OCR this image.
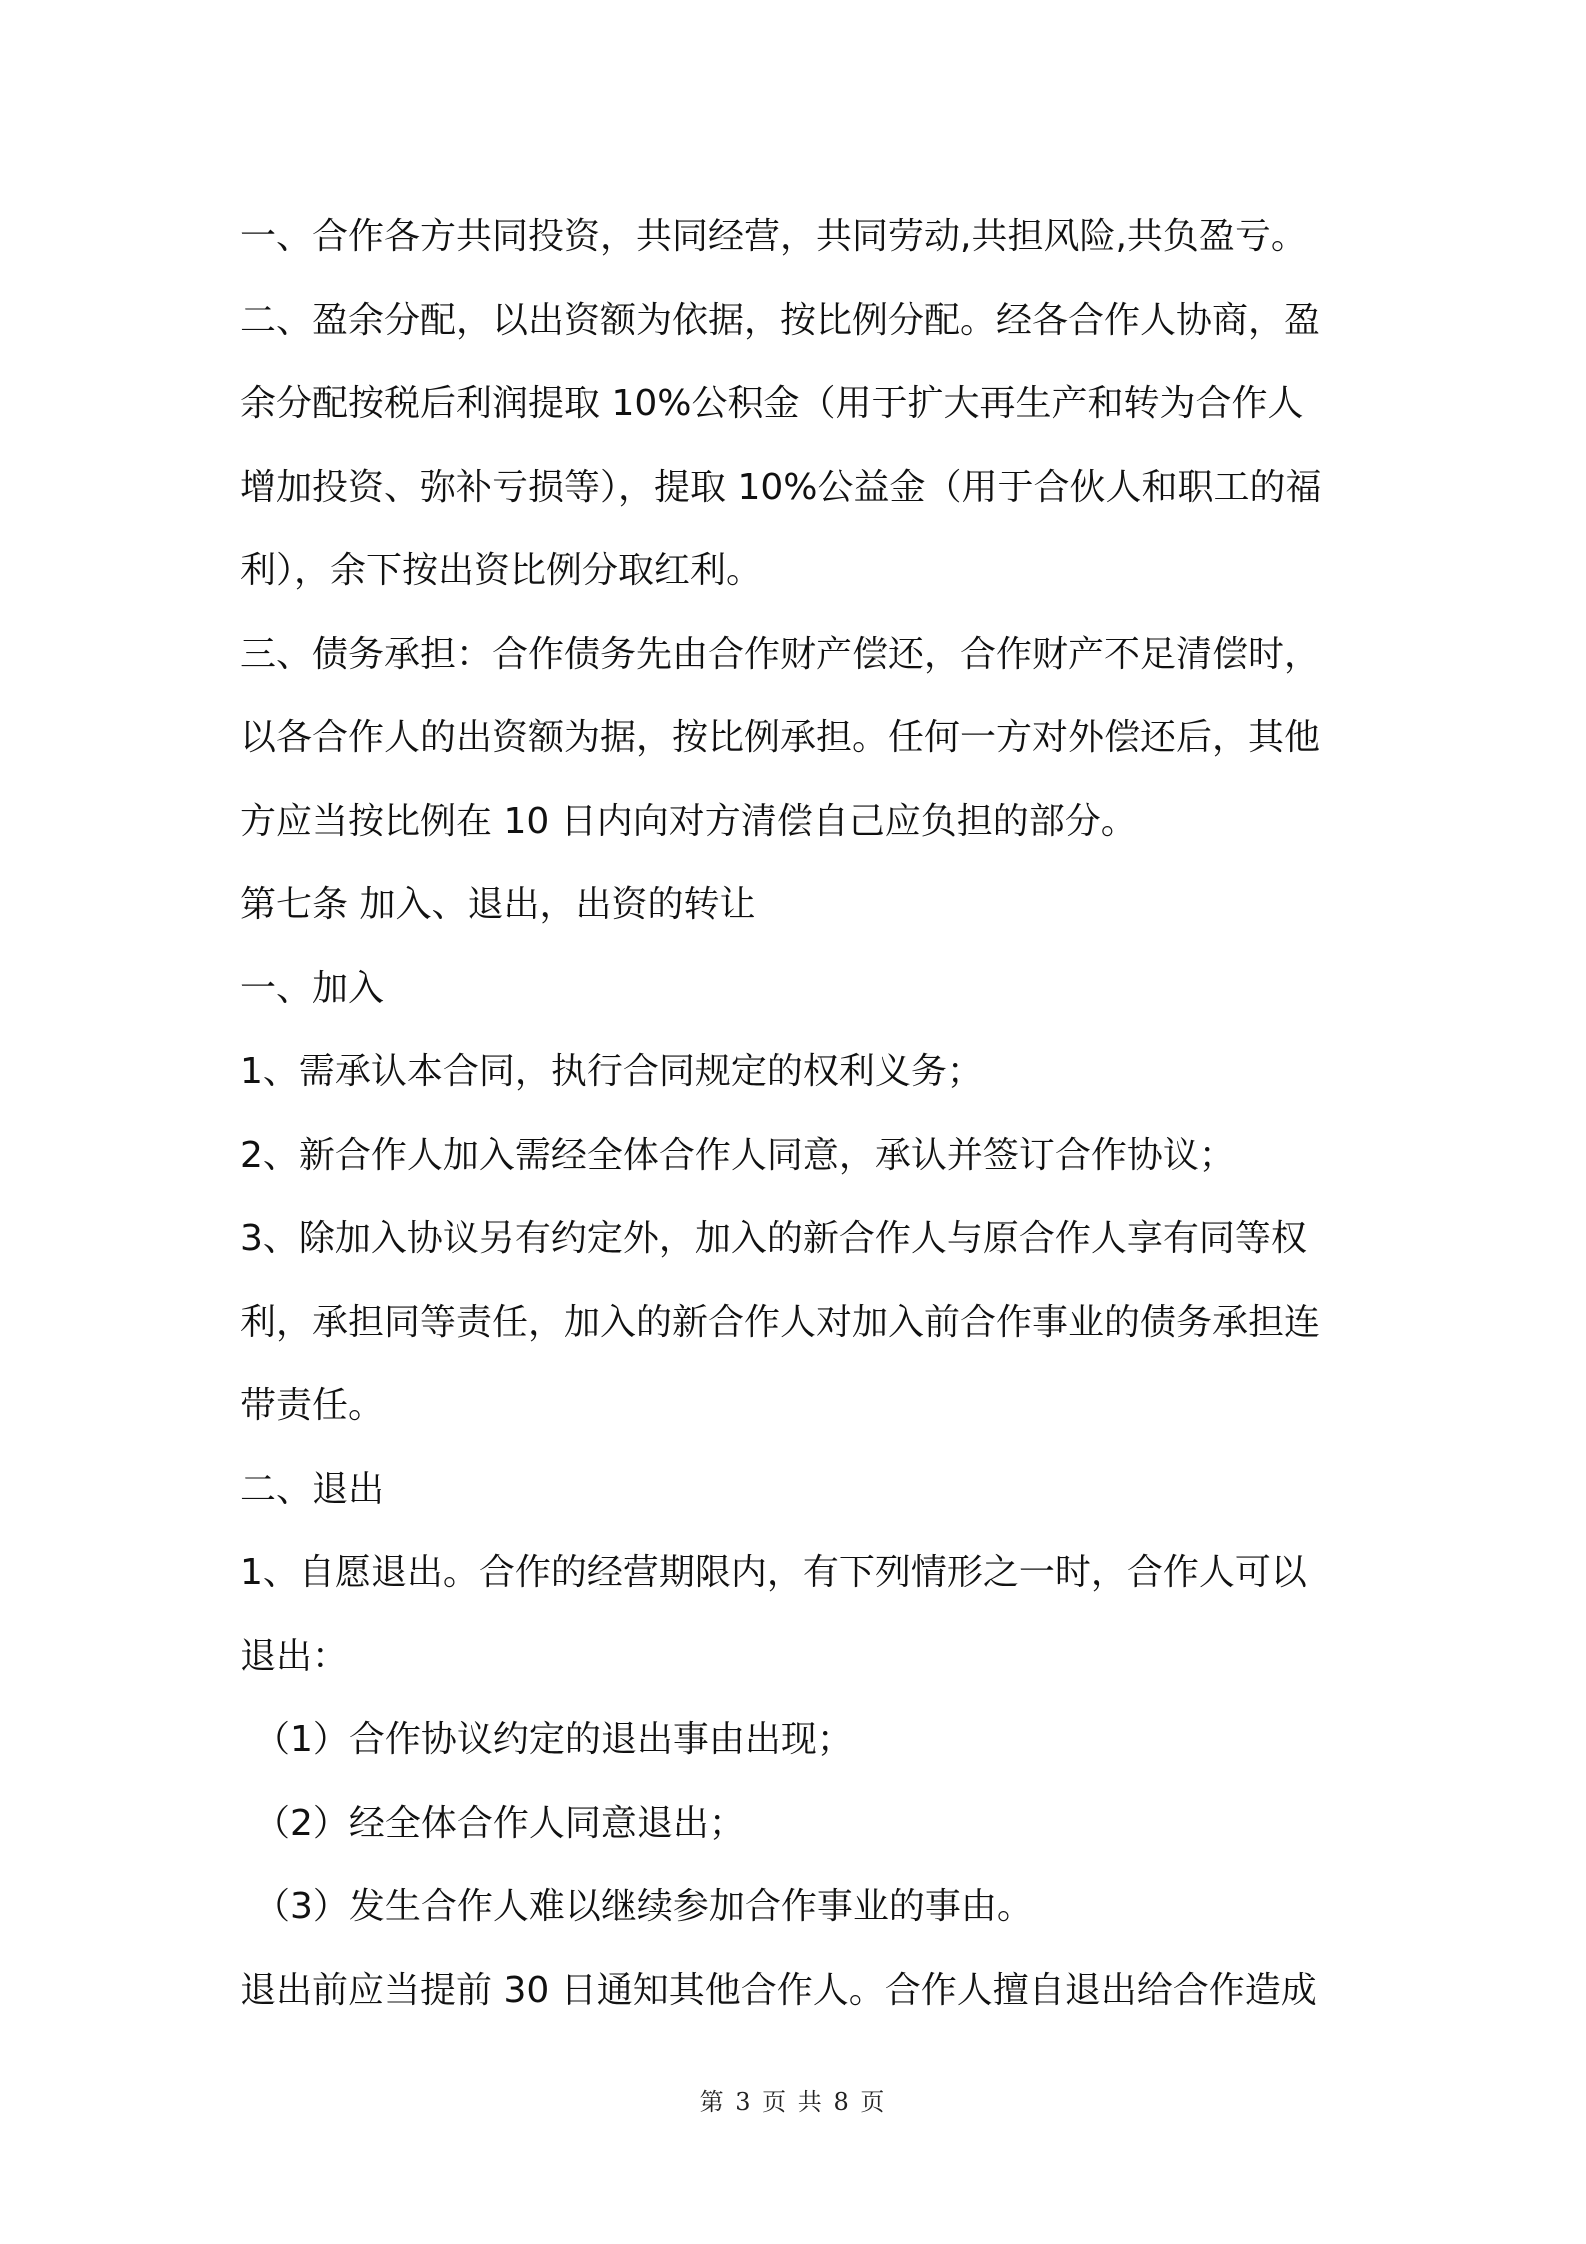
一、合作各方共同投资，共同经营，共同劳动,共担风险,共负盈亏。
二、盈余分配，以出资额为依据，按比例分配。经各合作人协商，盈
余分配按税后利润提取 10%公积金（用于扩大再生产和转为合作人
增加投资、弥补亏损等），提取 10%公益金（用于合伙人和职工的福
利），余下按出资比例分取红利。
三、债务承担：合作债务先由合作财产偿还，合作财产不足清偿时，
以各合作人的出资额为据，按比例承担。任何一方对外偿还后，其他
方应当按比例在 10 日内向对方清偿自己应负担的部分。
第七条 加入、退出，出资的转让
一、加入
1、需承认本合同，执行合同规定的权利义务；
2、新合作人加入需经全体合作人同意，承认并签订合作协议；
3、除加入协议另有约定外，加入的新合作人与原合作人享有同等权
利，承担同等责任，加入的新合作人对加入前合作事业的债务承担连
带责任。
二、退出
1、自愿退出。合作的经营期限内，有下列情形之一时，合作人可以
退出：
（1）合作协议约定的退出事由出现；
（2）经全体合作人同意退出；
（3）发生合作人难以继续参加合作事业的事由。
退出前应当提前 30 日通知其他合作人。合作人擅自退出给合作造成
第 3 页 共 8 页
